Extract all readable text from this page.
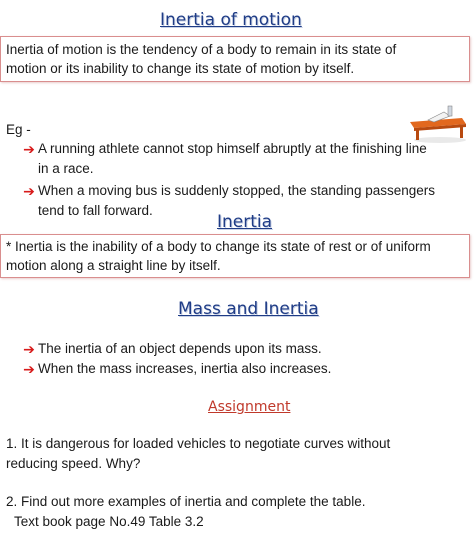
Inertia of motion
Inertia of motion is the tendency of a body to remain in its state of
motion or its inability to change its state of motion by itself.
Eg -
➔ A running athlete cannot stop himself abruptly at the finishing line
in a race.
➔ When a moving bus is suddenly stopped, the standing passengers
tend to fall forward.
Inertia
* Inertia is the inability of a body to change its state of rest or of uniform
motion along a straight line by itself.
Mass and Inertia
➔ The inertia of an object depends upon its mass.
➔ When the mass increases, inertia also increases.
Assignment
1. It is dangerous for loaded vehicles to negotiate curves without
reducing speed. Why?
2. Find out more examples of inertia and complete the table.
Text book page No.49 Table 3.2
